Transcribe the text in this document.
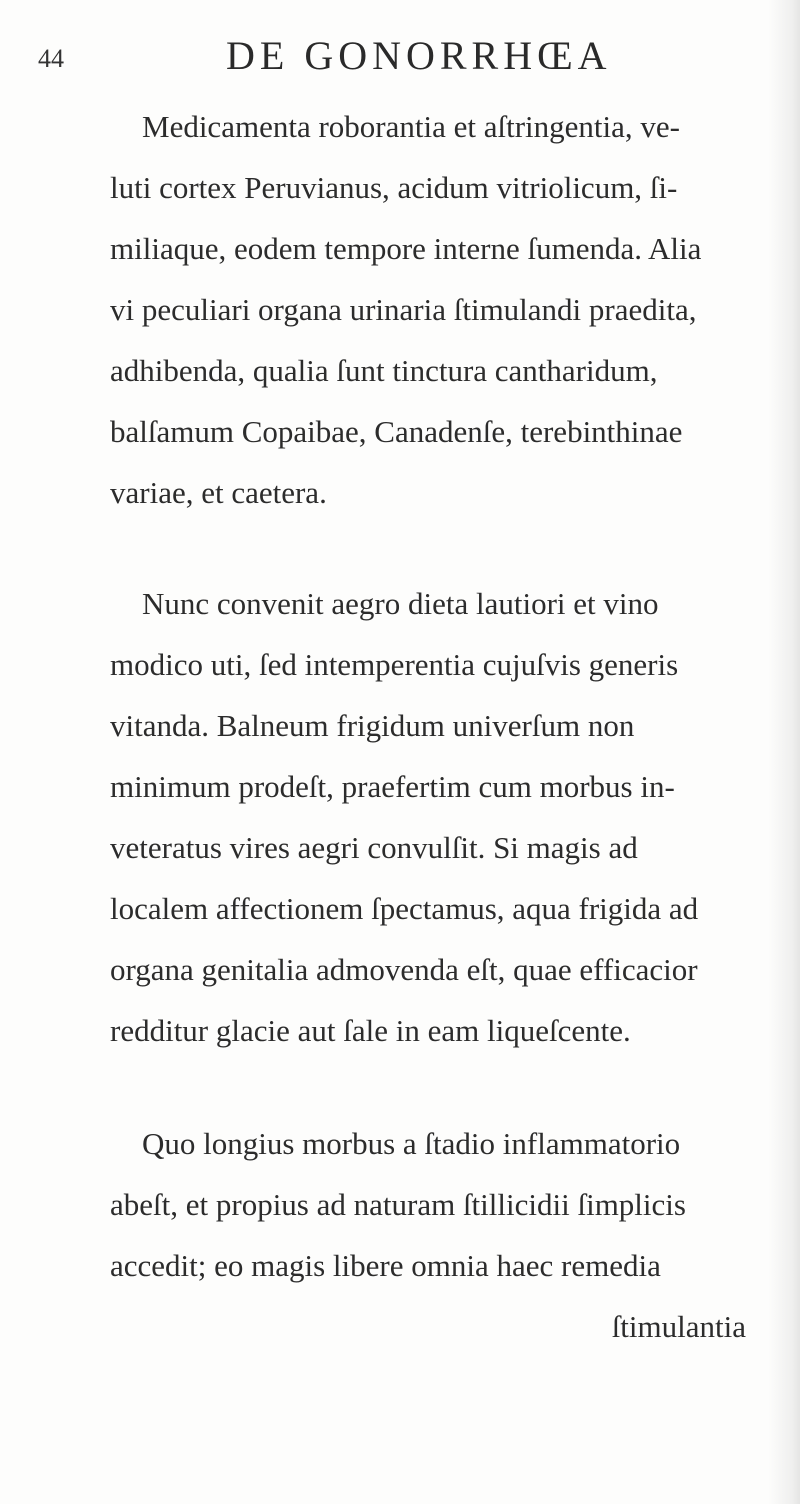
44	DE GONORRHŒA

Medicamenta roborantia et aſtringentia, ve-
luti cortex Peruvianus, acidum vitriolicum, ſi-
miliaque, eodem tempore interne ſumenda. Alia
vi peculiari organa urinaria ſtimulandi praedita,
adhibenda, qualia ſunt tinctura cantharidum,
balſamum Copaibae, Canadenſe, terebinthinae
variae, et caetera.

Nunc convenit aegro dieta lautiori et vino
modico uti, ſed intemperentia cujuſvis generis
vitanda. Balneum frigidum univerſum non
minimum prodeſt, praefertim cum morbus in-
veteratus vires aegri convulſit. Si magis ad
localem affectionem ſpectamus, aqua frigida ad
organa genitalia admovenda eſt, quae efficacior
redditur glacie aut ſale in eam liqueſcente.

Quo longius morbus a ſtadio inflammatorio
abeſt, et propius ad naturam ſtillicidii ſimplicis
accedit; eo magis libere omnia haec remedia
ſtimulantia
